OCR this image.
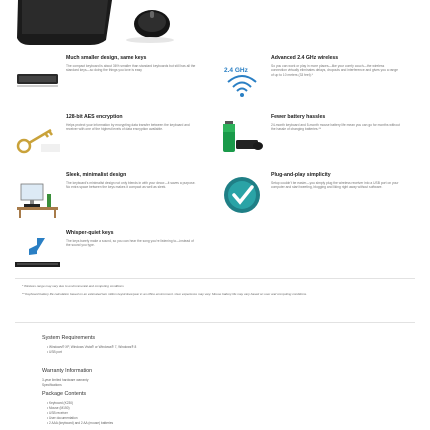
Much smaller design, same keys
The compact keyboard is about 36% smaller than standard keyboards but still has all the standard keys—so doing the things you love is easy	2.4 GHz
Advanced 2.4 GHz wireless
So you can work or play in more places—like your comfy couch—the wireless connection virtually eliminates delays, dropouts and interference and gives you a range of up to 10 meters (33 feet).*
128-bit AES encryption
Helps protect your information by encrypting data transfer between the keyboard and receiver with one of the highest levels of data encryption available.
Fewer battery hassles
24-month keyboard and 5-month mouse battery life mean you can go for months without the hassle of changing batteries.**
Sleek, minimalist design
The keyboard's minimalist design not only blends in with your decor—it saves a purpose. No extra space between the keys makes it compact as well as sleek.
Plug-and-play simplicity
Setup couldn't be easier—you simply plug the wireless receiver into a USB port on your computer and start tweeting, blogging and liking right away without software.
Whisper-quiet keys
The keys barely make a sound, so you can hear the song you're listening to—instead of the sound you type.
* Wireless range may vary due to environmental and computing conditions
** Keyboard battery life calculation based on an estimated two million keystrokes/year in an office environment. User experience may vary. Mouse battery life may vary based on user and computing conditions.
System Requirements
• Windows® XP, Windows Vista® or Windows® 7, Windows® 8
• USB port
Warranty Information
3-year limited hardware warranty
Specifications
Package Contents
• Keyboard (K230)
• Mouse (M150)
• USB receiver
• User documentation
• 2 AAA (keyboard) and 2 AA (mouse) batteries
